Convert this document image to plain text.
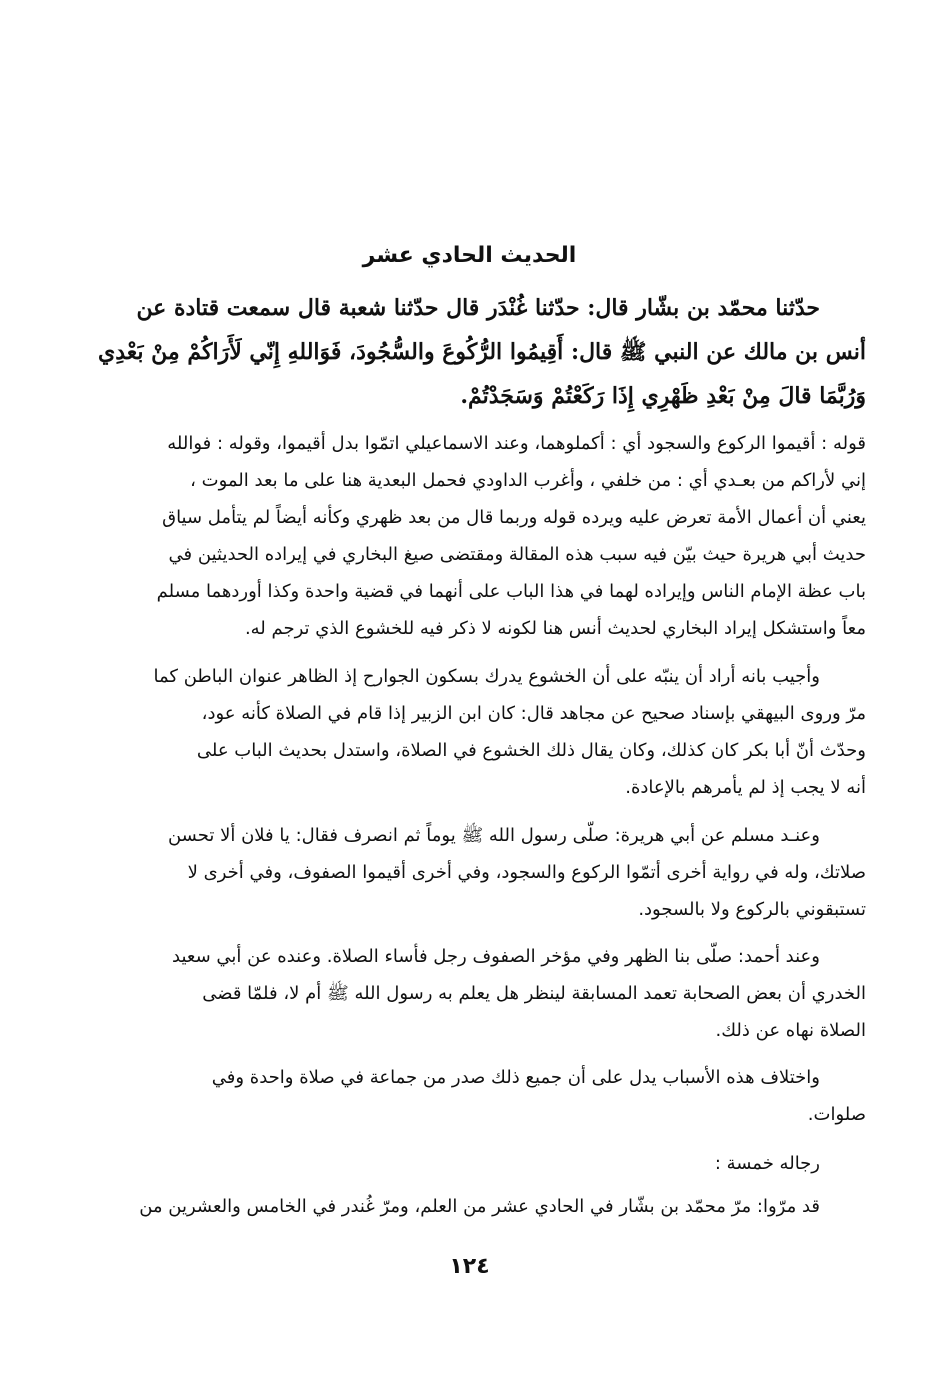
الحديث الحادي عشر
حدّثنا محمّد بن بشّار قال: حدّثنا غُنْدَر قال حدّثنا شعبة قال سمعت قتادة عن
أنس بن مالك عن النبي ﷺ قال: أَقِيمُوا الرُّكُوعَ والسُّجُودَ، فَوَاللهِ إِنّي لَأَرَاكُمْ مِنْ بَعْدِي
وَرُبَّمَا قالَ مِنْ بَعْدِ ظَهْرِي إِذَا رَكَعْتُمْ وَسَجَدْتُمْ.
قوله : أقيموا الركوع والسجود أي : أكملوهما، وعند الاسماعيلي اتمّوا بدل أقيموا، وقوله : فوالله
إني لأراكم من بعـدي أي : من خلفي ، وأغرب الداودي فحمل البعدية هنا على ما بعد الموت ،
يعني أن أعمال الأمة تعرض عليه ويرده قوله وربما قال من بعد ظهري وكأنه أيضاً لم يتأمل سياق
حديث أبي هريرة حيث بيّن فيه سبب هذه المقالة ومقتضى صيغ البخاري في إيراده الحديثين في
باب عظة الإمام الناس وإيراده لهما في هذا الباب على أنهما في قضية واحدة وكذا أوردهما مسلم
معاً واستشكل إيراد البخاري لحديث أنس هنا لكونه لا ذكر فيه للخشوع الذي ترجم له.
وأجيب بانه أراد أن ينبّه على أن الخشوع يدرك بسكون الجوارح إذ الظاهر عنوان الباطن كما
مرّ وروى البيهقي بإسناد صحيح عن مجاهد قال: كان ابن الزبير إذا قام في الصلاة كأنه عود،
وحدّث أنّ أبا بكر كان كذلك، وكان يقال ذلك الخشوع في الصلاة، واستدل بحديث الباب على
أنه لا يجب إذ لم يأمرهم بالإعادة.
وعنـد مسلم عن أبي هريرة: صلّى رسول الله ﷺ يوماً ثم انصرف فقال: يا فلان ألا تحسن
صلاتك، وله في رواية أخرى أتمّوا الركوع والسجود، وفي أخرى أقيموا الصفوف، وفي أخرى لا
تستبقوني بالركوع ولا بالسجود.
وعند أحمد: صلّى بنا الظهر وفي مؤخر الصفوف رجل فأساء الصلاة. وعنده عن أبي سعيد
الخدري أن بعض الصحابة تعمد المسابقة لينظر هل يعلم به رسول الله ﷺ أم لا، فلمّا قضى
الصلاة نهاه عن ذلك.
واختلاف هذه الأسباب يدل على أن جميع ذلك صدر من جماعة في صلاة واحدة وفي
صلوات.
رجاله خمسة :
قد مرّوا: مرّ محمّد بن بشّار في الحادي عشر من العلم، ومرّ غُندر في الخامس والعشرين من
١٢٤
